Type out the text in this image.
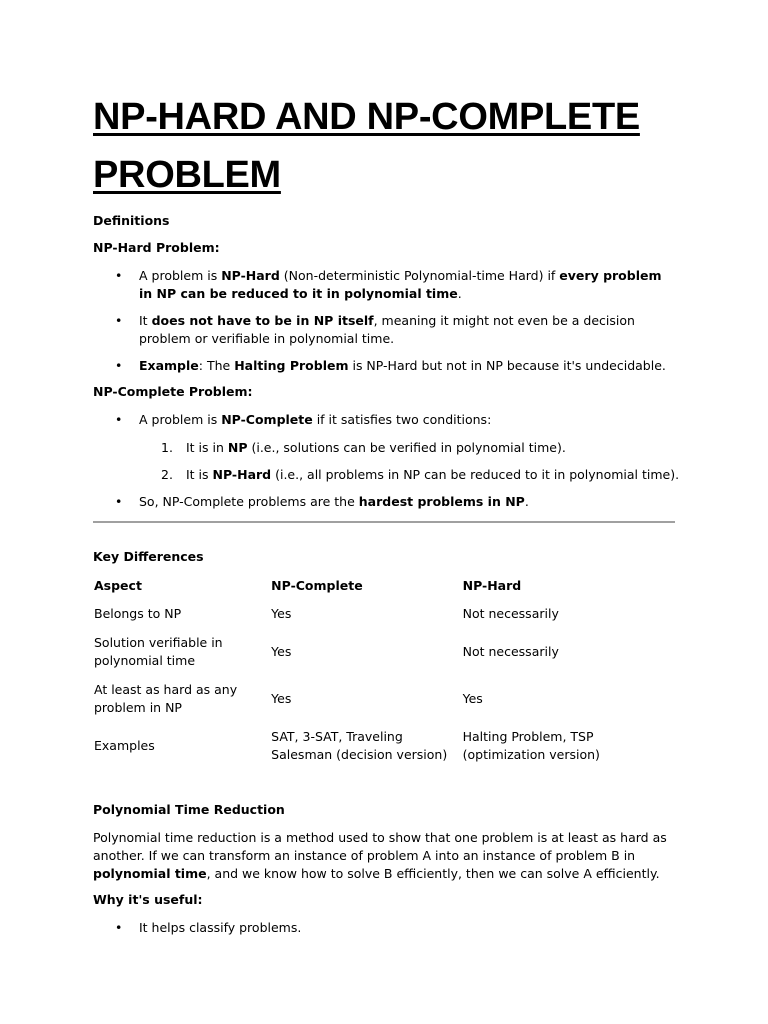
NP-HARD AND NP-COMPLETE PROBLEM
Definitions
NP-Hard Problem:
• A problem is NP-Hard (Non-deterministic Polynomial-time Hard) if every problem in NP can be reduced to it in polynomial time.
• It does not have to be in NP itself, meaning it might not even be a decision problem or verifiable in polynomial time.
• Example: The Halting Problem is NP-Hard but not in NP because it's undecidable.
NP-Complete Problem:
• A problem is NP-Complete if it satisfies two conditions:
1. It is in NP (i.e., solutions can be verified in polynomial time).
2. It is NP-Hard (i.e., all problems in NP can be reduced to it in polynomial time).
• So, NP-Complete problems are the hardest problems in NP.
Key Differences
Aspect	NP-Complete	NP-Hard
Belongs to NP	Yes	Not necessarily
Solution verifiable in polynomial time	Yes	Not necessarily
At least as hard as any problem in NP	Yes	Yes
Examples	SAT, 3-SAT, Traveling Salesman (decision version)	Halting Problem, TSP (optimization version)
Polynomial Time Reduction
Polynomial time reduction is a method used to show that one problem is at least as hard as another. If we can transform an instance of problem A into an instance of problem B in polynomial time, and we know how to solve B efficiently, then we can solve A efficiently.
Why it's useful:
• It helps classify problems.
